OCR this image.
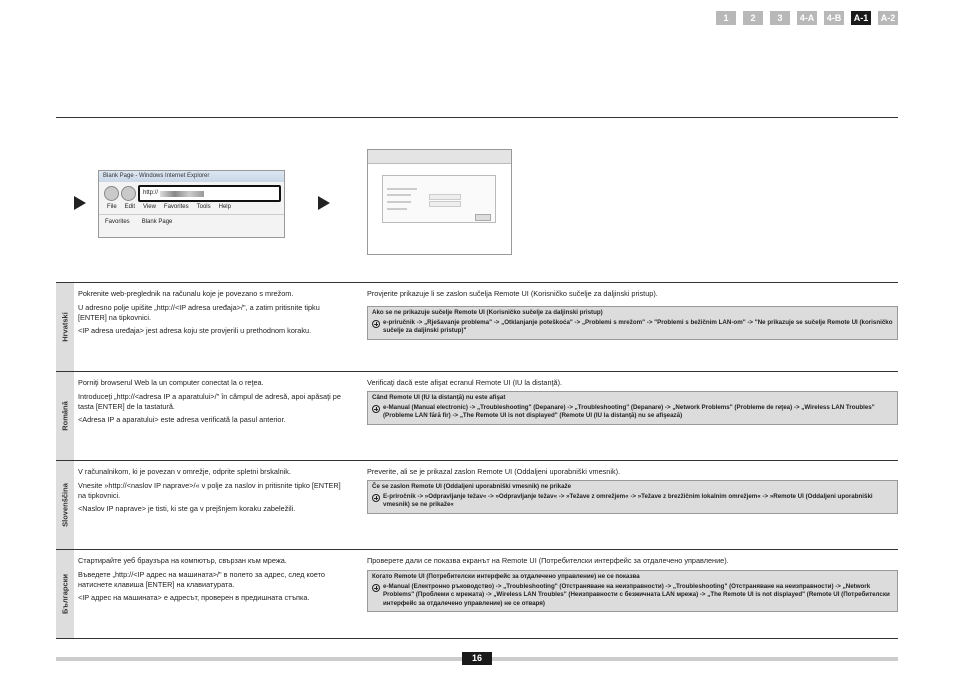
1	2	3	4-A	4-B	A-1	A-2
Blank Page - Windows Internet Explorer
http://
File Edit View Favorites Tools Help
Favorites Blank Page
Hrvatski

Pokrenite web-preglednik na računalu koje je povezano s mrežom.

U adresno polje upišite „http://<IP adresa uređaja>/", a zatim pritisnite tipku [ENTER] na tipkovnici.

<IP adresa uređaja> jest adresa koju ste provjerili u prethodnom koraku.

Provjerite prikazuje li se zaslon sučelja Remote UI (Korisničko sučelje za daljinski pristup).
Ako se ne prikazuje sučelje Remote UI (Korisničko sučelje za daljinski pristup)
e-priručnik -> „Rješavanje problema" -> „Otklanjanje poteškoća" -> „Problemi s mrežom" -> "Problemi s bežičnim LAN-om" -> "Ne prikazuje se sučelje Remote UI (korisničko sučelje za daljinski pristup)"
Română

Porniţi browserul Web la un computer conectat la o reţea.

Introduceţi „http://<adresa IP a aparatului>/" în câmpul de adresă, apoi apăsaţi pe tasta [ENTER] de la tastatură.

<Adresa IP a aparatului> este adresa verificată la pasul anterior.

Verificaţi dacă este afişat ecranul Remote UI (IU la distanţă).
Când Remote UI (IU la distanţă) nu este afişat
e-Manual (Manual electronic) -> „Troubleshooting" (Depanare) -> „Troubleshooting" (Depanare) -> „Network Problems" (Probleme de reţea) -> „Wireless LAN Troubles" (Probleme LAN fără fir) -> „The Remote UI is not displayed" (Remote UI (IU la distanţă) nu se afişează)
Slovenščina

V računalnikom, ki je povezan v omrežje, odprite spletni brskalnik.

Vnesite »http://<naslov IP naprave>/« v polje za naslov in pritisnite tipko [ENTER] na tipkovnici.

<Naslov IP naprave> je tisti, ki ste ga v prejšnjem koraku zabeležili.

Preverite, ali se je prikazal zaslon Remote UI (Oddaljeni uporabniški vmesnik).
Če se zaslon Remote UI (Oddaljeni uporabniški vmesnik) ne prikaže
E-priročnik -> »Odpravljanje težav« -> »Odpravljanje težav« -> »Težave z omrežjem« -> »Težave z brezžičnim lokalnim omrežjem« -> »Remote UI (Oddaljeni uporabniški vmesnik) se ne prikaže«
Български

Стартирайте уеб браузъра на компютър, свързан към мрежа.

Въведете „http://<IP адрес на машината>/" в полето за адрес, след което натиснете клавиша [ENTER] на клавиатурата.

<IP адрес на машината> е адресът, проверен в предишната стъпка.

Проверете дали се показва екранът на Remote UI (Потребителски интерфейс за отдалечено управление).
Когато Remote UI (Потребителски интерфейс за отдалечено управление) не се показва
e-Manual (Електронно ръководство) -> „Troubleshooting" (Отстраняване на неизправности) -> „Troubleshooting" (Отстраняване на неизправности) -> „Network Problems" (Проблеми с мрежата) -> „Wireless LAN Troubles" (Неизправности с безжичната LAN мрежа) -> „The Remote UI is not displayed" (Remote UI (Потребителски интерфейс за отдалечено управление) не се отваря)
16
